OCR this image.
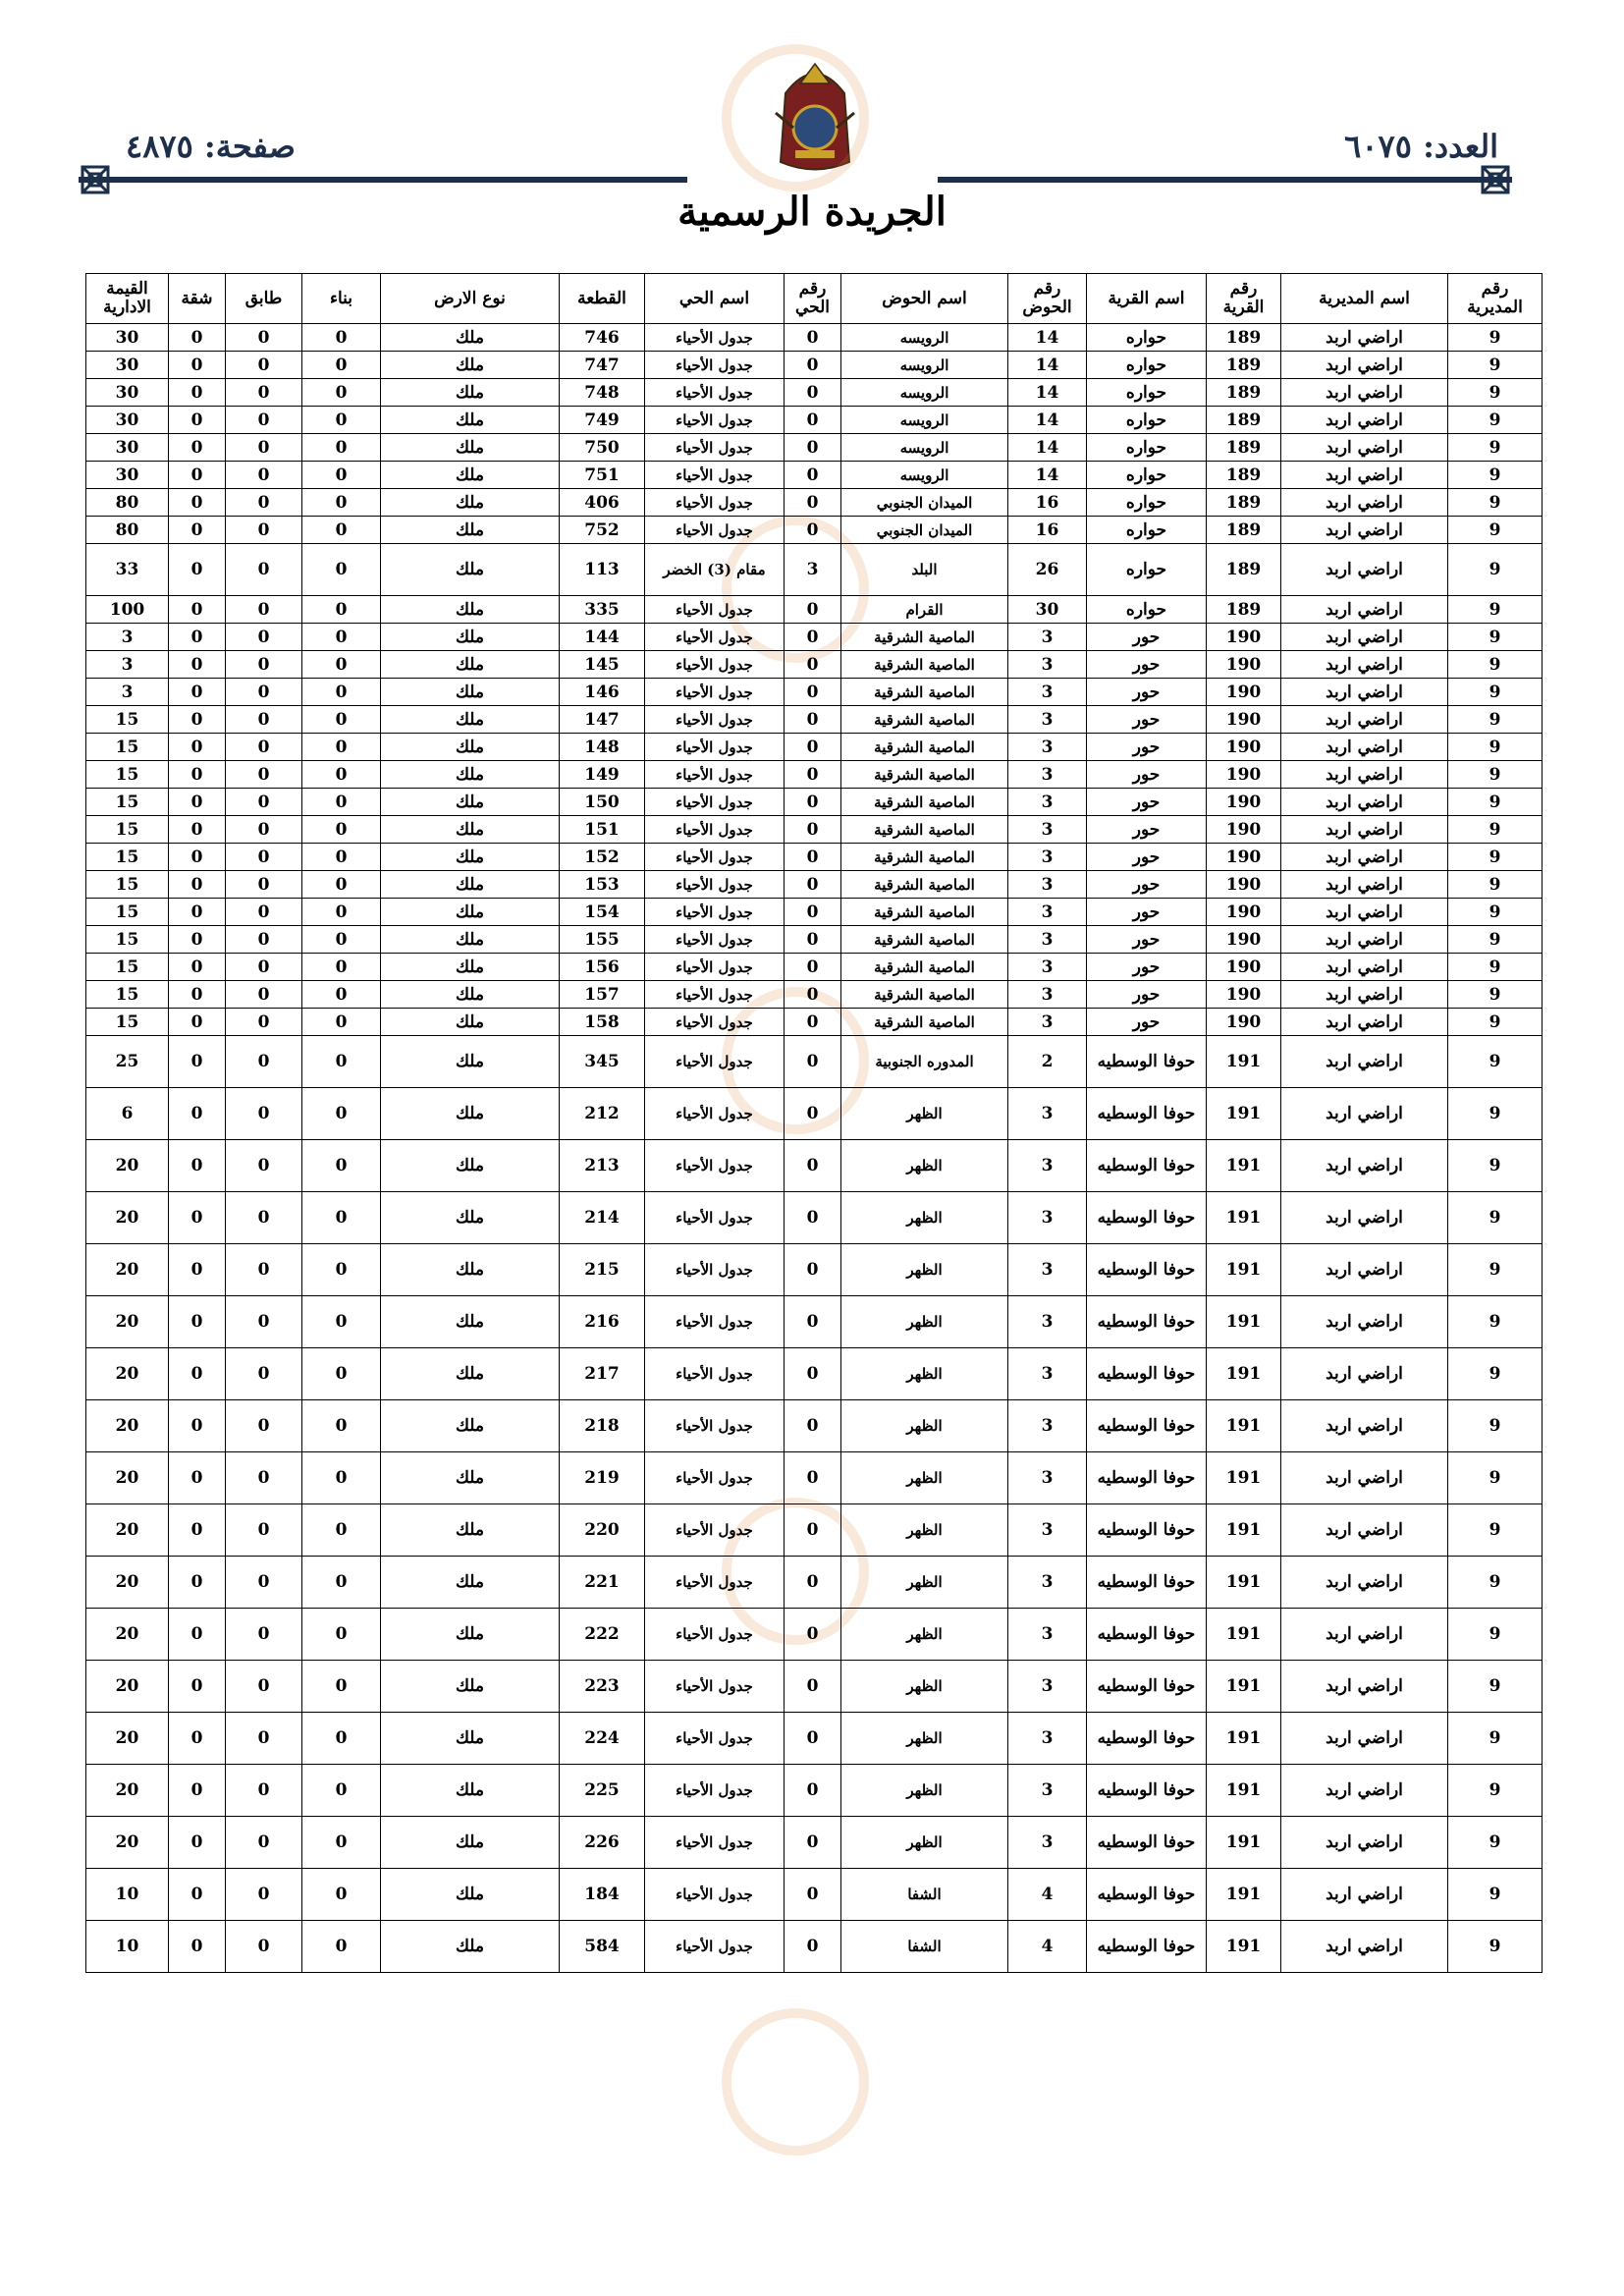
صفحة: ٤٨٧٥	العدد: ٦٠٧٥
الجريدة الرسمية
رقم المديرية	اسم المديرية	رقم القرية	اسم القرية	رقم الحوض	اسم الحوض	رقم الحي	اسم الحي	القطعة	نوع الارض	بناء	طابق	شقة	القيمة الادارية
9	اراضي اربد	189	حواره	14	الرويسه	0	جدول الأحياء	746	ملك	0	0	0	30
9	اراضي اربد	189	حواره	14	الرويسه	0	جدول الأحياء	747	ملك	0	0	0	30
9	اراضي اربد	189	حواره	14	الرويسه	0	جدول الأحياء	748	ملك	0	0	0	30
9	اراضي اربد	189	حواره	14	الرويسه	0	جدول الأحياء	749	ملك	0	0	0	30
9	اراضي اربد	189	حواره	14	الرويسه	0	جدول الأحياء	750	ملك	0	0	0	30
9	اراضي اربد	189	حواره	14	الرويسه	0	جدول الأحياء	751	ملك	0	0	0	30
9	اراضي اربد	189	حواره	16	الميدان الجنوبي	0	جدول الأحياء	406	ملك	0	0	0	80
9	اراضي اربد	189	حواره	16	الميدان الجنوبي	0	جدول الأحياء	752	ملك	0	0	0	80
9	اراضي اربد	189	حواره	26	البلد	3	مقام (3) الخضر	113	ملك	0	0	0	33
9	اراضي اربد	189	حواره	30	القرام	0	جدول الأحياء	335	ملك	0	0	0	100
9	اراضي اربد	190	حور	3	الماصية الشرقية	0	جدول الأحياء	144	ملك	0	0	0	3
9	اراضي اربد	190	حور	3	الماصية الشرقية	0	جدول الأحياء	145	ملك	0	0	0	3
9	اراضي اربد	190	حور	3	الماصية الشرقية	0	جدول الأحياء	146	ملك	0	0	0	3
9	اراضي اربد	190	حور	3	الماصية الشرقية	0	جدول الأحياء	147	ملك	0	0	0	15
9	اراضي اربد	190	حور	3	الماصية الشرقية	0	جدول الأحياء	148	ملك	0	0	0	15
9	اراضي اربد	190	حور	3	الماصية الشرقية	0	جدول الأحياء	149	ملك	0	0	0	15
9	اراضي اربد	190	حور	3	الماصية الشرقية	0	جدول الأحياء	150	ملك	0	0	0	15
9	اراضي اربد	190	حور	3	الماصية الشرقية	0	جدول الأحياء	151	ملك	0	0	0	15
9	اراضي اربد	190	حور	3	الماصية الشرقية	0	جدول الأحياء	152	ملك	0	0	0	15
9	اراضي اربد	190	حور	3	الماصية الشرقية	0	جدول الأحياء	153	ملك	0	0	0	15
9	اراضي اربد	190	حور	3	الماصية الشرقية	0	جدول الأحياء	154	ملك	0	0	0	15
9	اراضي اربد	190	حور	3	الماصية الشرقية	0	جدول الأحياء	155	ملك	0	0	0	15
9	اراضي اربد	190	حور	3	الماصية الشرقية	0	جدول الأحياء	156	ملك	0	0	0	15
9	اراضي اربد	190	حور	3	الماصية الشرقية	0	جدول الأحياء	157	ملك	0	0	0	15
9	اراضي اربد	190	حور	3	الماصية الشرقية	0	جدول الأحياء	158	ملك	0	0	0	15
9	اراضي اربد	191	حوفا الوسطيه	2	المدوره الجنوبية	0	جدول الأحياء	345	ملك	0	0	0	25
9	اراضي اربد	191	حوفا الوسطيه	3	الظهر	0	جدول الأحياء	212	ملك	0	0	0	6
9	اراضي اربد	191	حوفا الوسطيه	3	الظهر	0	جدول الأحياء	213	ملك	0	0	0	20
9	اراضي اربد	191	حوفا الوسطيه	3	الظهر	0	جدول الأحياء	214	ملك	0	0	0	20
9	اراضي اربد	191	حوفا الوسطيه	3	الظهر	0	جدول الأحياء	215	ملك	0	0	0	20
9	اراضي اربد	191	حوفا الوسطيه	3	الظهر	0	جدول الأحياء	216	ملك	0	0	0	20
9	اراضي اربد	191	حوفا الوسطيه	3	الظهر	0	جدول الأحياء	217	ملك	0	0	0	20
9	اراضي اربد	191	حوفا الوسطيه	3	الظهر	0	جدول الأحياء	218	ملك	0	0	0	20
9	اراضي اربد	191	حوفا الوسطيه	3	الظهر	0	جدول الأحياء	219	ملك	0	0	0	20
9	اراضي اربد	191	حوفا الوسطيه	3	الظهر	0	جدول الأحياء	220	ملك	0	0	0	20
9	اراضي اربد	191	حوفا الوسطيه	3	الظهر	0	جدول الأحياء	221	ملك	0	0	0	20
9	اراضي اربد	191	حوفا الوسطيه	3	الظهر	0	جدول الأحياء	222	ملك	0	0	0	20
9	اراضي اربد	191	حوفا الوسطيه	3	الظهر	0	جدول الأحياء	223	ملك	0	0	0	20
9	اراضي اربد	191	حوفا الوسطيه	3	الظهر	0	جدول الأحياء	224	ملك	0	0	0	20
9	اراضي اربد	191	حوفا الوسطيه	3	الظهر	0	جدول الأحياء	225	ملك	0	0	0	20
9	اراضي اربد	191	حوفا الوسطيه	3	الظهر	0	جدول الأحياء	226	ملك	0	0	0	20
9	اراضي اربد	191	حوفا الوسطيه	4	الشفا	0	جدول الأحياء	184	ملك	0	0	0	10
9	اراضي اربد	191	حوفا الوسطيه	4	الشفا	0	جدول الأحياء	584	ملك	0	0	0	10
